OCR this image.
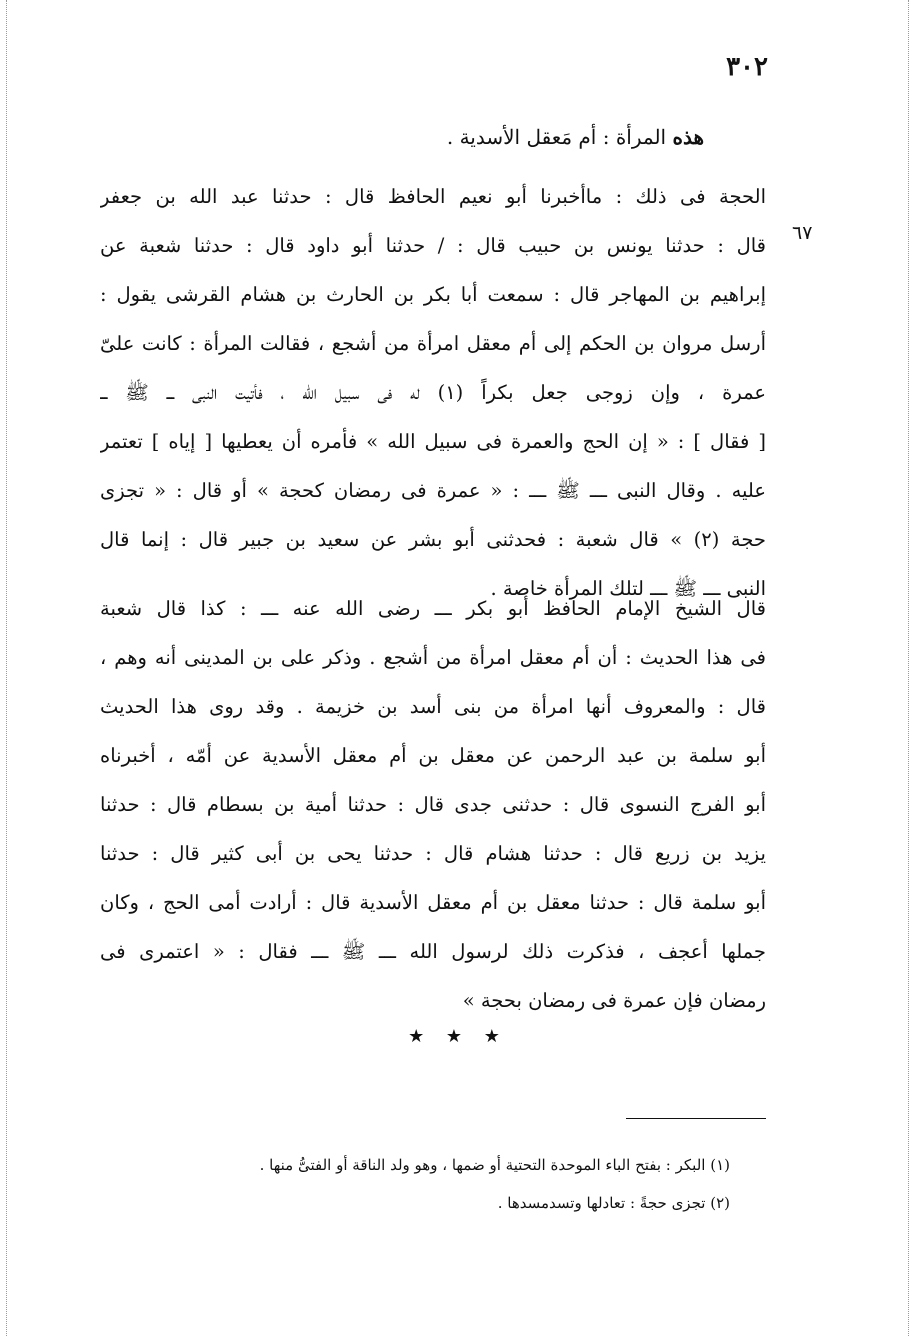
٣٠٢
هذه المرأة : أم مَعقل الأسدية .
٦٧
الحجة فى ذلك : ماأخبرنا أبو نعيم الحافظ قال : حدثنا عبد الله بن جعفر
قال : حدثنا يونس بن حبيب قال : / حدثنا أبو داود قال : حدثنا شعبة عن
إبراهيم بن المهاجر قال : سمعت أبا بكر بن الحارث بن هشام القرشى يقول :
أرسل مروان بن الحكم إلى أم معقل امرأة من أشجع ، فقالت المرأة : كانت علىّ
عمرة ، وإن زوجى جعل بكراً (١) له فى سبيل الله ، فأتيت النبى ـــ ﷺ ـــ
[ فقال ] : « إن الحج والعمرة فى سبيل الله » فأمره أن يعطيها [ إياه ] تعتمر
عليه . وقال النبى ـــ ﷺ ـــ : « عمرة فى رمضان كحجة » أو قال : « تجزى
حجة (٢) » قال شعبة : فحدثنى أبو بشر عن سعيد بن جبير قال : إنما قال
النبى ـــ ﷺ ـــ لتلك المرأة خاصة .
قال الشيخ الإمام الحافظ أبو بكر ـــ رضى الله عنه ـــ : كذا قال شعبة
فى هذا الحديث : أن أم معقل امرأة من أشجع . وذكر على بن المدينى أنه وهم ،
قال : والمعروف أنها امرأة من بنى أسد بن خزيمة . وقد روى هذا الحديث
أبو سلمة بن عبد الرحمن عن معقل بن أم معقل الأسدية عن أمّه ، أخبرناه
أبو الفرج النسوى قال : حدثنى جدى قال : حدثنا أمية بن بسطام قال : حدثنا
يزيد بن زريع قال : حدثنا هشام قال : حدثنا يحى بن أبى كثير قال : حدثنا
أبو سلمة قال : حدثنا معقل بن أم معقل الأسدية قال : أرادت أمى الحج ، وكان
جملها أعجف ، فذكرت ذلك لرسول الله ـــ ﷺ ـــ فقال : « اعتمرى فى
رمضان فإن عمرة فى رمضان بحجة »
★ ★ ★
(١) البكر : بفتح الباء الموحدة التحتية أو ضمها ، وهو ولد الناقة أو الفتىُّ منها .
(٢) تجزى حجةً : تعادلها وتسدمسدها .
